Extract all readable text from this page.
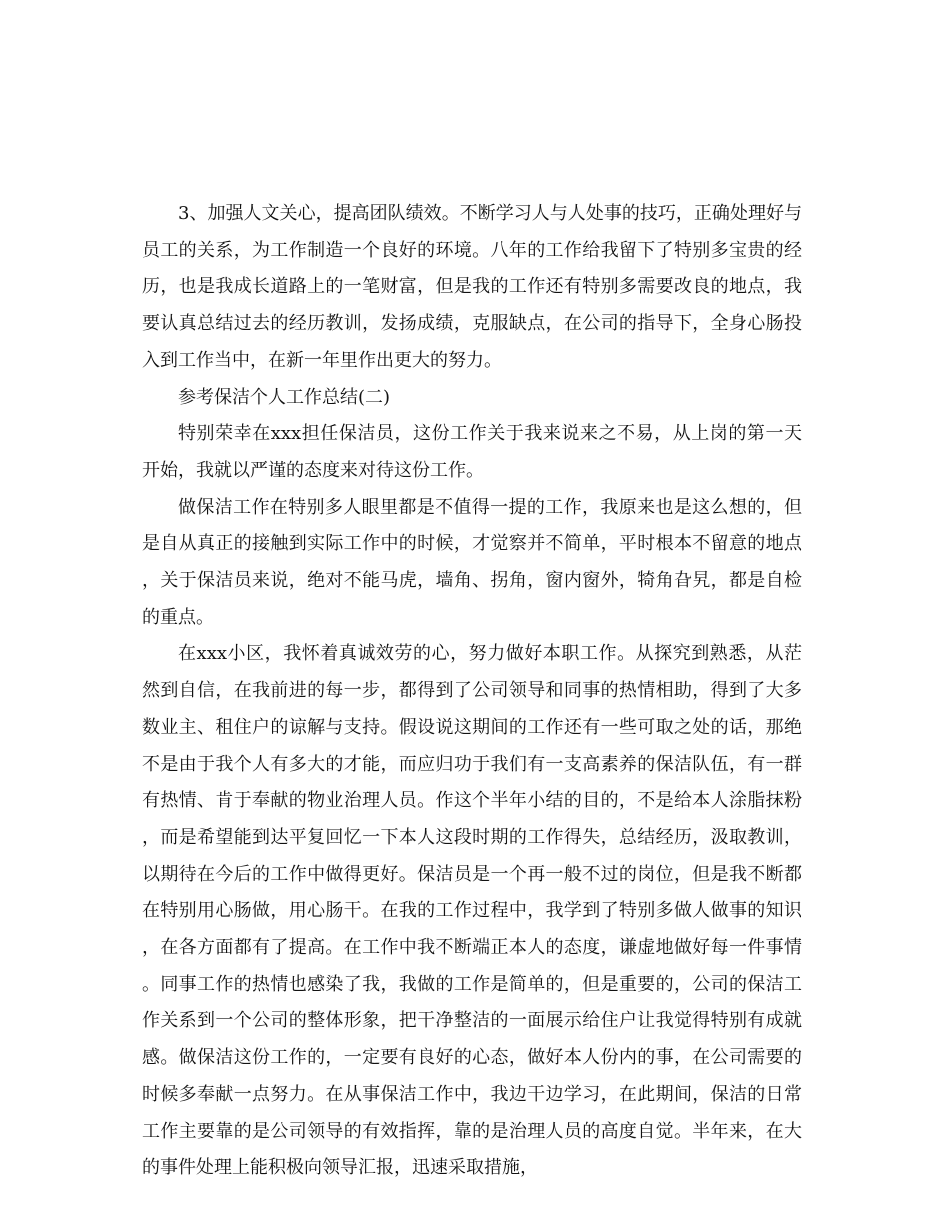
3、加强人文关心，提高团队绩效。不断学习人与人处事的技巧，正确处理好与员工的关系，为工作制造一个良好的环境。八年的工作给我留下了特别多宝贵的经历，也是我成长道路上的一笔财富，但是我的工作还有特别多需要改良的地点，我要认真总结过去的经历教训，发扬成绩，克服缺点，在公司的指导下，全身心肠投入到工作当中，在新一年里作出更大的努力。

参考保洁个人工作总结(二)

特别荣幸在xxx担任保洁员，这份工作关于我来说来之不易，从上岗的第一天开始，我就以严谨的态度来对待这份工作。

做保洁工作在特别多人眼里都是不值得一提的工作，我原来也是这么想的，但是自从真正的接触到实际工作中的时候，才觉察并不简单，平时根本不留意的地点，关于保洁员来说，绝对不能马虎，墙角、拐角，窗内窗外，犄角旮旯，都是自检的重点。

在xxx小区，我怀着真诚效劳的心，努力做好本职工作。从探究到熟悉，从茫然到自信，在我前进的每一步，都得到了公司领导和同事的热情相助，得到了大多数业主、租住户的谅解与支持。假设说这期间的工作还有一些可取之处的话，那绝不是由于我个人有多大的才能，而应归功于我们有一支高素养的保洁队伍，有一群有热情、肯于奉献的物业治理人员。作这个半年小结的目的，不是给本人涂脂抹粉，而是希望能到达平复回忆一下本人这段时期的工作得失，总结经历，汲取教训，以期待在今后的工作中做得更好。保洁员是一个再一般不过的岗位，但是我不断都在特别用心肠做，用心肠干。在我的工作过程中，我学到了特别多做人做事的知识，在各方面都有了提高。在工作中我不断端正本人的态度，谦虚地做好每一件事情。同事工作的热情也感染了我，我做的工作是简单的，但是重要的，公司的保洁工作关系到一个公司的整体形象，把干净整洁的一面展示给住户让我觉得特别有成就感。做保洁这份工作的，一定要有良好的心态，做好本人份内的事，在公司需要的时候多奉献一点努力。在从事保洁工作中，我边干边学习，在此期间，保洁的日常工作主要靠的是公司领导的有效指挥，靠的是治理人员的高度自觉。半年来，在大的事件处理上能积极向领导汇报，迅速采取措施，
